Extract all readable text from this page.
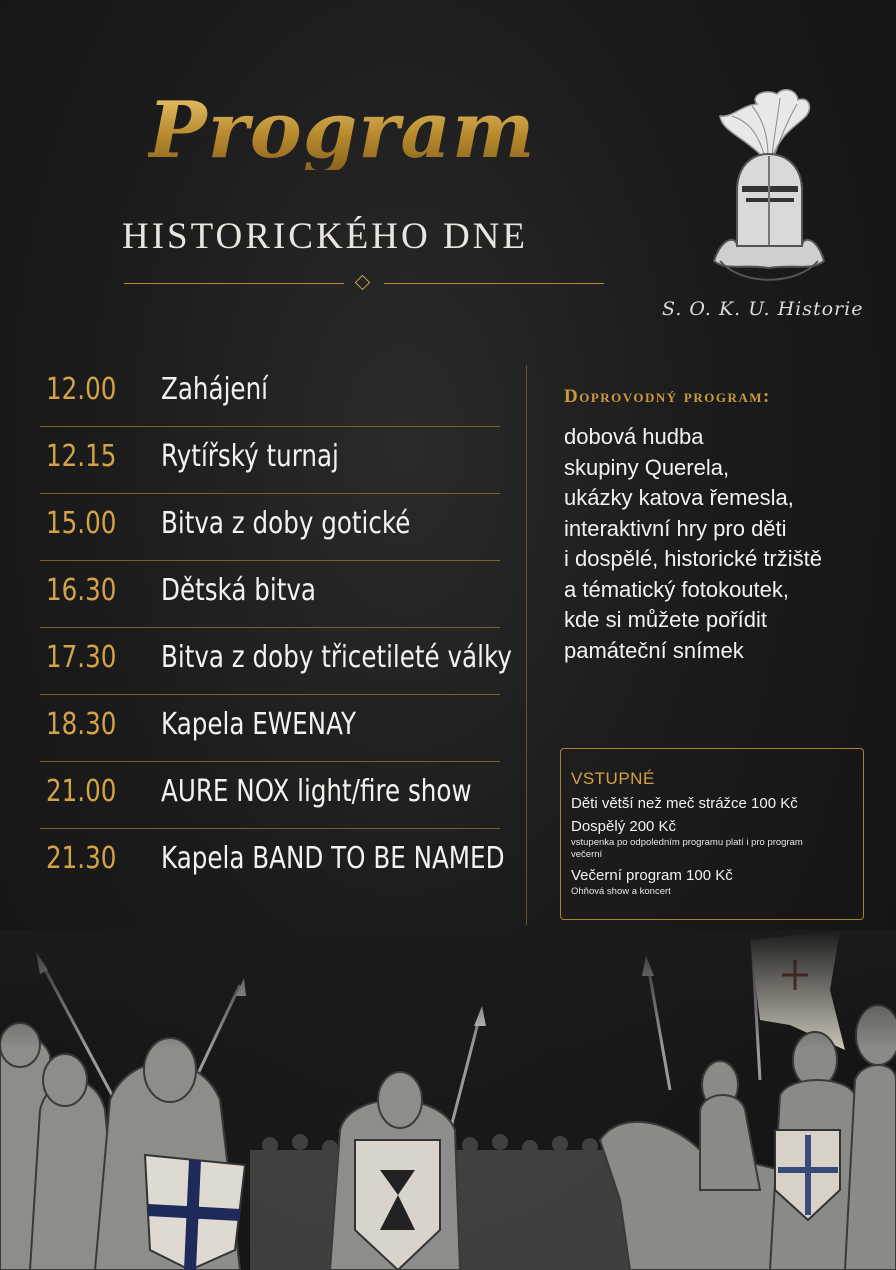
Program
HISTORICKÉHO DNE
S. O. K. U. Historie
12.00 Zahájení
12.15 Rytířský turnaj
15.00 Bitva z doby gotické
16.30 Dětská bitva
17.30 Bitva z doby třicetileté války
18.30 Kapela EWENAY
21.00 AURE NOX light/fire show
21.30 Kapela BAND TO BE NAMED
Doprovodný program:
dobová hudba
skupiny Querela,
ukázky katova řemesla,
interaktivní hry pro děti
i dospělé, historické tržiště
a tématický fotokoutek,
kde si můžete pořídit
památeční snímek
VSTUPNÉ
Děti větší než meč strážce 100 Kč
Dospělý 200 Kč
vstupenka po odpoledním programu platí i pro program
večerní
Večerní program 100 Kč
Ohňová show a koncert
